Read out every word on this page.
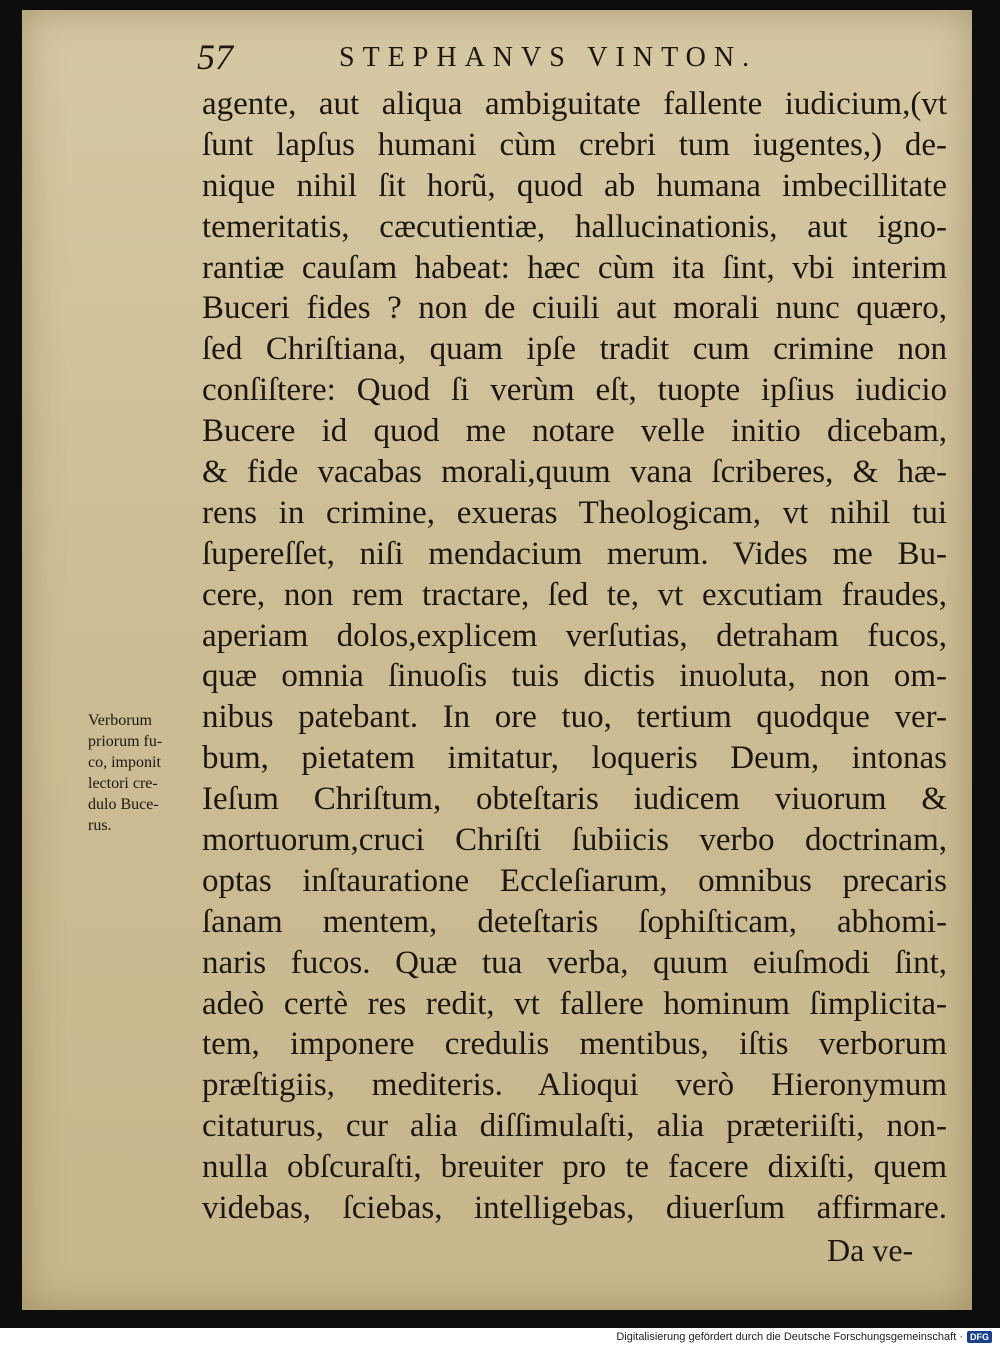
57	STEPHANVS VINTON.
Verborum
priorum fu-
co, imponit
lectori cre-
dulo Buce-
rus.
agente, aut aliqua ambiguitate fallente iudicium,(vt
ſunt lapſus humani cùm crebri tum iugentes,) de-
nique nihil ſit horũ, quod ab humana imbecillitate
temeritatis, cæcutientiæ, hallucinationis, aut igno-
rantiæ cauſam habeat: hæc cùm ita ſint, vbi interim
Buceri fides ? non de ciuili aut morali nunc quæro,
ſed Chriſtiana, quam ipſe tradit cum crimine non
conſiſtere: Quod ſi verùm eſt, tuopte ipſius iudicio
Bucere id quod me notare velle initio dicebam,
& fide vacabas morali,quum vana ſcriberes, & hæ-
rens in crimine, exueras Theologicam, vt nihil tui
ſupereſſet, niſi mendacium merum. Vides me Bu-
cere, non rem tractare, ſed te, vt excutiam fraudes,
aperiam dolos,explicem verſutias, detraham fucos,
quæ omnia ſinuoſis tuis dictis inuoluta, non om-
nibus patebant. In ore tuo, tertium quodque ver-
bum, pietatem imitatur, loqueris Deum, intonas
Ieſum Chriſtum, obteſtaris iudicem viuorum &
mortuorum,cruci Chriſti ſubiicis verbo doctrinam,
optas inſtauratione Eccleſiarum, omnibus precaris
ſanam mentem, deteſtaris ſophiſticam, abhomi-
naris fucos. Quæ tua verba, quum eiuſmodi ſint,
adeò certè res redit, vt fallere hominum ſimplicita-
tem, imponere credulis mentibus, iſtis verborum
præſtigiis, mediteris. Alioqui verò Hieronymum
citaturus, cur alia diſſimulaſti, alia præteriiſti, non-
nulla obſcuraſti, breuiter pro te facere dixiſti, quem
videbas, ſciebas, intelligebas, diuerſum affirmare.
Da ve-
Digitalisierung gefördert durch die Deutsche Forschungsgemeinschaft · DFG
